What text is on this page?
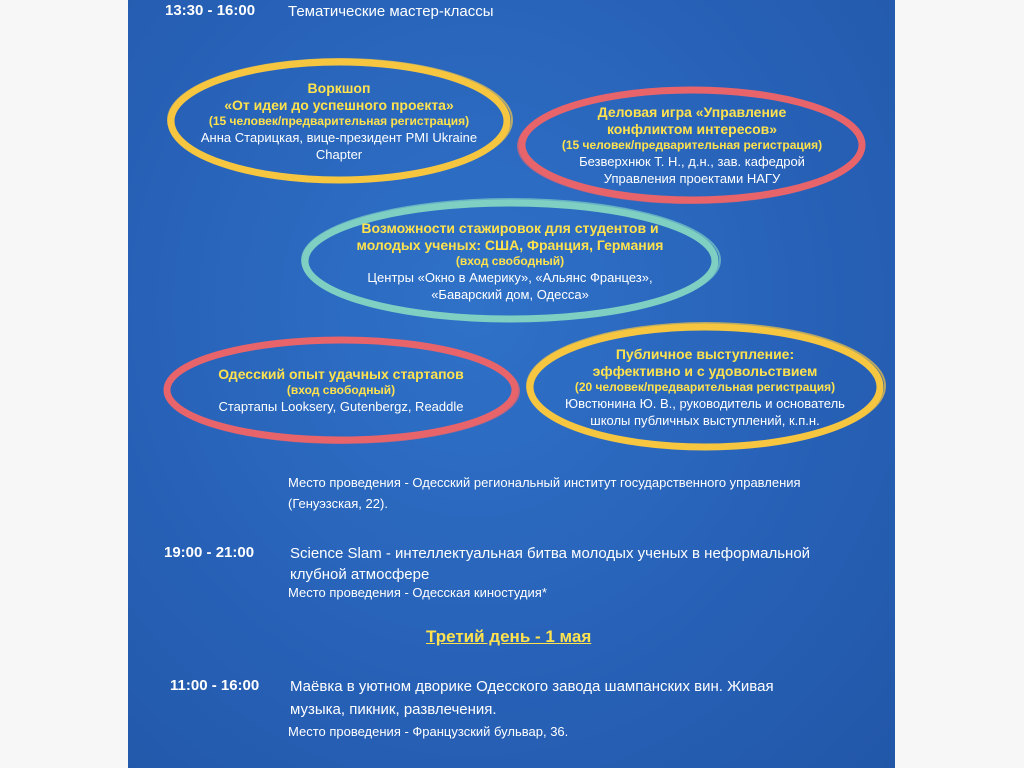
13:30 - 16:00 Тематические мастер-классы
Воркшоп
«От идеи до успешного проекта»
(15 человек/предварительная регистрация)
Анна Старицкая, вице-президент PMI Ukraine
Chapter
Деловая игра «Управление
конфликтом интересов»
(15 человек/предварительная регистрация)
Безверхнюк Т. Н., д.н., зав. кафедрой
Управления проектами НАГУ
Возможности стажировок для студентов и
молодых ученых: США, Франция, Германия
(вход свободный)
Центры «Окно в Америку», «Альянс Францез»,
«Баварский дом, Одесса»
Одесский опыт удачных стартапов
(вход свободный)
Стартапы Looksery, Gutenbergz, Readdle
Публичное выступление:
эффективно и с удовольствием
(20 человек/предварительная регистрация)
Ювстюнина Ю. В., руководитель и основатель
школы публичных выступлений, к.п.н.
Место проведения - Одесский региональный институт государственного управления
(Генуэзская, 22).
19:00 - 21:00 Science Slam - интеллектуальная битва молодых ученых в неформальной
клубной атмосфере
Место проведения - Одесская киностудия*
Третий день - 1 мая
11:00 - 16:00 Маёвка в уютном дворике Одесского завода шампанских вин. Живая
музыка, пикник, развлечения.
Место проведения - Французский бульвар, 36.
